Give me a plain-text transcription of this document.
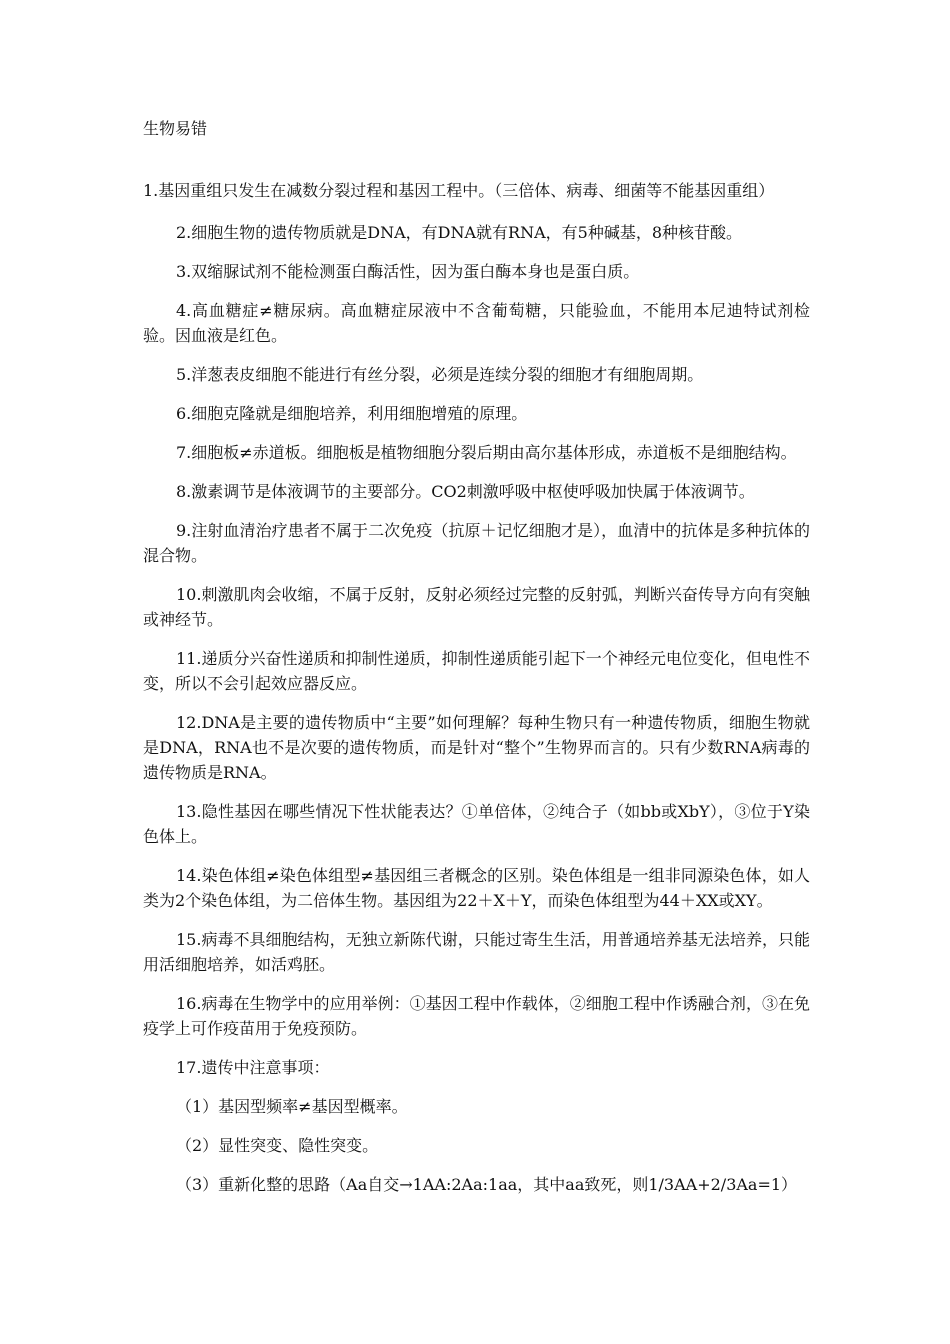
生物易错

1.基因重组只发生在减数分裂过程和基因工程中。（三倍体、病毒、细菌等不能基因重组）

2.细胞生物的遗传物质就是DNA，有DNA就有RNA，有5种碱基，8种核苷酸。

3.双缩脲试剂不能检测蛋白酶活性，因为蛋白酶本身也是蛋白质。

4.高血糖症≠糖尿病。高血糖症尿液中不含葡萄糖，只能验血，不能用本尼迪特试剂检验。因血液是红色。

5.洋葱表皮细胞不能进行有丝分裂，必须是连续分裂的细胞才有细胞周期。

6.细胞克隆就是细胞培养，利用细胞增殖的原理。

7.细胞板≠赤道板。细胞板是植物细胞分裂后期由高尔基体形成，赤道板不是细胞结构。

8.激素调节是体液调节的主要部分。CO2刺激呼吸中枢使呼吸加快属于体液调节。

9.注射血清治疗患者不属于二次免疫（抗原＋记忆细胞才是），血清中的抗体是多种抗体的混合物。

10.刺激肌肉会收缩，不属于反射，反射必须经过完整的反射弧，判断兴奋传导方向有突触或神经节。

11.递质分兴奋性递质和抑制性递质，抑制性递质能引起下一个神经元电位变化，但电性不变，所以不会引起效应器反应。

12.DNA是主要的遗传物质中“主要”如何理解？每种生物只有一种遗传物质，细胞生物就是DNA，RNA也不是次要的遗传物质，而是针对“整个”生物界而言的。只有少数RNA病毒的遗传物质是RNA。

13.隐性基因在哪些情况下性状能表达？①单倍体，②纯合子（如bb或XbY），③位于Y染色体上。

14.染色体组≠染色体组型≠基因组三者概念的区别。染色体组是一组非同源染色体，如人类为2个染色体组，为二倍体生物。基因组为22＋X＋Y，而染色体组型为44＋XX或XY。

15.病毒不具细胞结构，无独立新陈代谢，只能过寄生生活，用普通培养基无法培养，只能用活细胞培养，如活鸡胚。

16.病毒在生物学中的应用举例：①基因工程中作载体，②细胞工程中作诱融合剂，③在免疫学上可作疫苗用于免疫预防。

17.遗传中注意事项：

（1）基因型频率≠基因型概率。

（2）显性突变、隐性突变。

（3）重新化整的思路（Aa自交→1AA:2Aa:1aa，其中aa致死，则1/3AA+2/3Aa=1）
